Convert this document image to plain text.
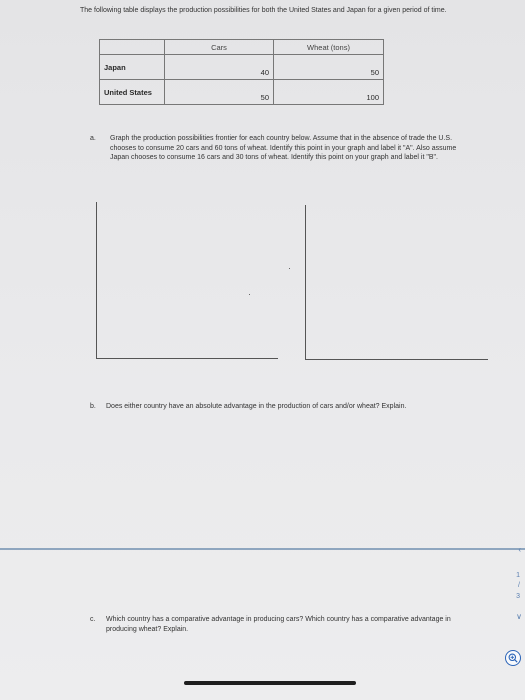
The following table displays the production possibilities for both the United States and Japan for a given period of time.
	Cars	Wheat (tons)
Japan	40	50
United States	50	100
a. Graph the production possibilities frontier for each country below. Assume that in the absence of trade the U.S. chooses to consume 20 cars and 60 tons of wheat. Identify this point in your graph and label it "A". Also assume Japan chooses to consume 16 cars and 30 tons of wheat. Identify this point on your graph and label it "B".
b. Does either country have an absolute advantage in the production of cars and/or wheat? Explain.
‹
1
/
3
∨
c. Which country has a comparative advantage in producing cars? Which country has a comparative advantage in producing wheat? Explain.
